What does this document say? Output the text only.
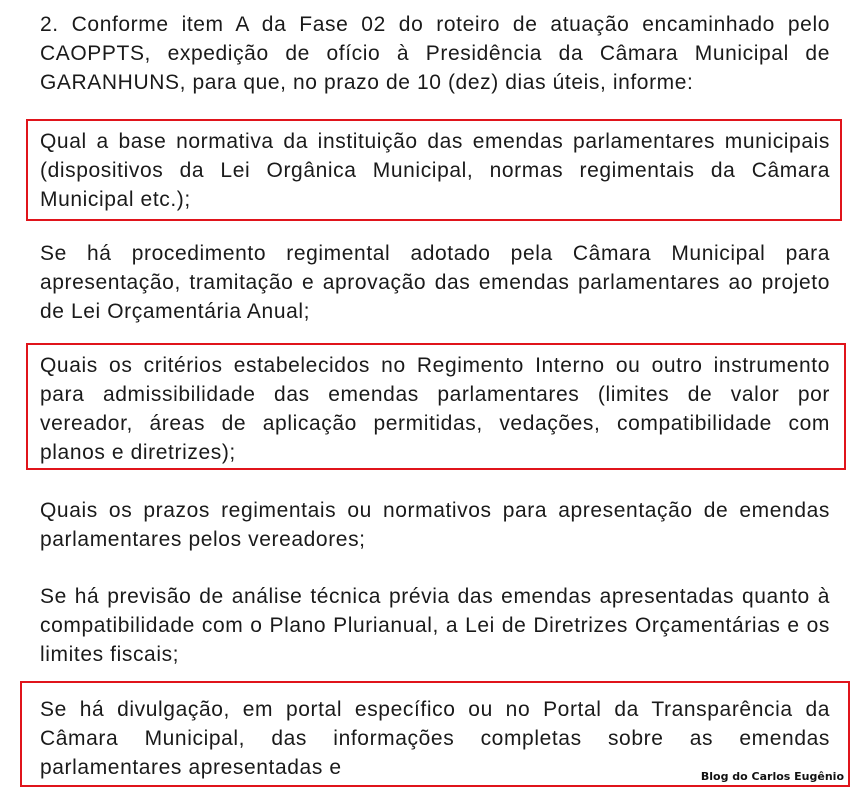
2. Conforme item A da Fase 02 do roteiro de atuação encaminhado pelo CAOPPTS, expedição de ofício à Presidência da Câmara Municipal de GARANHUNS, para que, no prazo de 10 (dez) dias úteis, informe:

Qual a base normativa da instituição das emendas parlamentares municipais (dispositivos da Lei Orgânica Municipal, normas regimentais da Câmara Municipal etc.);

Se há procedimento regimental adotado pela Câmara Municipal para apresentação, tramitação e aprovação das emendas parlamentares ao projeto de Lei Orçamentária Anual;

Quais os critérios estabelecidos no Regimento Interno ou outro instrumento para admissibilidade das emendas parlamentares (limites de valor por vereador, áreas de aplicação permitidas, vedações, compatibilidade com planos e diretrizes);

Quais os prazos regimentais ou normativos para apresentação de emendas parlamentares pelos vereadores;

Se há previsão de análise técnica prévia das emendas apresentadas quanto à compatibilidade com o Plano Plurianual, a Lei de Diretrizes Orçamentárias e os limites fiscais;

Se há divulgação, em portal específico ou no Portal da Transparência da Câmara Municipal, das informações completas sobre as emendas parlamentares apresentadas e	Blog do Carlos Eugênio
